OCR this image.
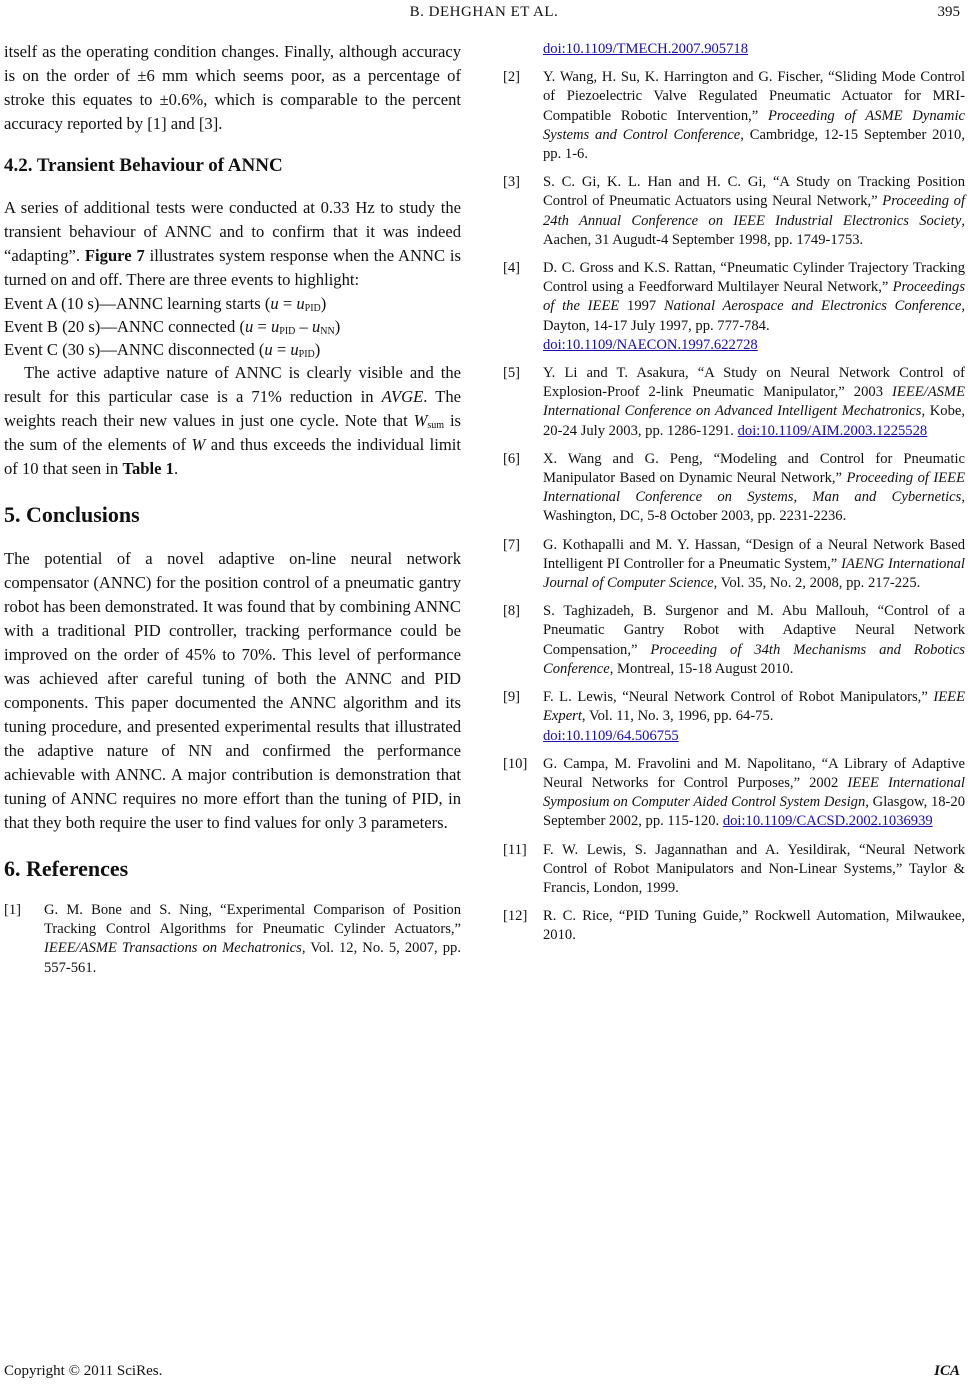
B. DEHGHAN ET AL.	395

itself as the operating condition changes. Finally, although accuracy is on the order of ±6 mm which seems poor, as a percentage of stroke this equates to ±0.6%, which is comparable to the percent accuracy reported by [1] and [3].

4.2. Transient Behaviour of ANNC

A series of additional tests were conducted at 0.33 Hz to study the transient behaviour of ANNC and to confirm that it was indeed “adapting”. Figure 7 illustrates system response when the ANNC is turned on and off. There are three events to highlight:

Event A (10 s)—ANNC learning starts $(u = u_{PID})$
Event B (20 s)—ANNC connected $(u = u_{PID} - u_{NN})$
Event C (30 s)—ANNC disconnected $(u = u_{PID})$

The active adaptive nature of ANNC is clearly visible and the result for this particular case is a 71% reduction in AVGE. The weights reach their new values in just one cycle. Note that $W_{sum}$ is the sum of the elements of W and thus exceeds the individual limit of 10 that seen in Table 1.

5. Conclusions

The potential of a novel adaptive on-line neural network compensator (ANNC) for the position control of a pneumatic gantry robot has been demonstrated. It was found that by combining ANNC with a traditional PID controller, tracking performance could be improved on the order of 45% to 70%. This level of performance was achieved after careful tuning of both the ANNC and PID components. This paper documented the ANNC algorithm and its tuning procedure, and presented experimental results that illustrated the adaptive nature of NN and confirmed the performance achievable with ANNC. A major contribution is demonstration that tuning of ANNC requires no more effort than the tuning of PID, in that they both require the user to find values for only 3 parameters.

6. References
[1]	G. M. Bone and S. Ning, “Experimental Comparison of Position Tracking Control Algorithms for Pneumatic Cylinder Actuators,” IEEE/ASME Transactions on Mechatronics, Vol. 12, No. 5, 2007, pp. 557-561.
doi:10.1109/TMECH.2007.905718
[2]	Y. Wang, H. Su, K. Harrington and G. Fischer, “Sliding Mode Control of Piezoelectric Valve Regulated Pneumatic Actuator for MRI-Compatible Robotic Intervention,” Proceeding of ASME Dynamic Systems and Control Conference, Cambridge, 12-15 September 2010, pp. 1-6.
[3]	S. C. Gi, K. L. Han and H. C. Gi, “A Study on Tracking Position Control of Pneumatic Actuators using Neural Network,” Proceeding of 24th Annual Conference on IEEE Industrial Electronics Society, Aachen, 31 Augudt-4 September 1998, pp. 1749-1753.
[4]	D. C. Gross and K.S. Rattan, “Pneumatic Cylinder Trajectory Tracking Control using a Feedforward Multilayer Neural Network,” Proceedings of the IEEE 1997 National Aerospace and Electronics Conference, Dayton, 14-17 July 1997, pp. 777-784.
doi:10.1109/NAECON.1997.622728
[5]	Y. Li and T. Asakura, “A Study on Neural Network Control of Explosion-Proof 2-link Pneumatic Manipulator,” 2003 IEEE/ASME International Conference on Advanced Intelligent Mechatronics, Kobe, 20-24 July 2003, pp. 1286-1291. doi:10.1109/AIM.2003.1225528
[6]	X. Wang and G. Peng, “Modeling and Control for Pneumatic Manipulator Based on Dynamic Neural Network,” Proceeding of IEEE International Conference on Systems, Man and Cybernetics, Washington, DC, 5-8 October 2003, pp. 2231-2236.
[7]	G. Kothapalli and M. Y. Hassan, “Design of a Neural Network Based Intelligent PI Controller for a Pneumatic System,” IAENG International Journal of Computer Science, Vol. 35, No. 2, 2008, pp. 217-225.
[8]	S. Taghizadeh, B. Surgenor and M. Abu Mallouh, “Control of a Pneumatic Gantry Robot with Adaptive Neural Network Compensation,” Proceeding of 34th Mechanisms and Robotics Conference, Montreal, 15-18 August 2010.
[9]	F. L. Lewis, “Neural Network Control of Robot Manipulators,” IEEE Expert, Vol. 11, No. 3, 1996, pp. 64-75.
doi:10.1109/64.506755
[10]	G. Campa, M. Fravolini and M. Napolitano, “A Library of Adaptive Neural Networks for Control Purposes,” 2002 IEEE International Symposium on Computer Aided Control System Design, Glasgow, 18-20 September 2002, pp. 115-120. doi:10.1109/CACSD.2002.1036939
[11]	F. W. Lewis, S. Jagannathan and A. Yesildirak, “Neural Network Control of Robot Manipulators and Non-Linear Systems,” Taylor & Francis, London, 1999.
[12]	R. C. Rice, “PID Tuning Guide,” Rockwell Automation, Milwaukee, 2010.
Copyright © 2011 SciRes.	ICA
